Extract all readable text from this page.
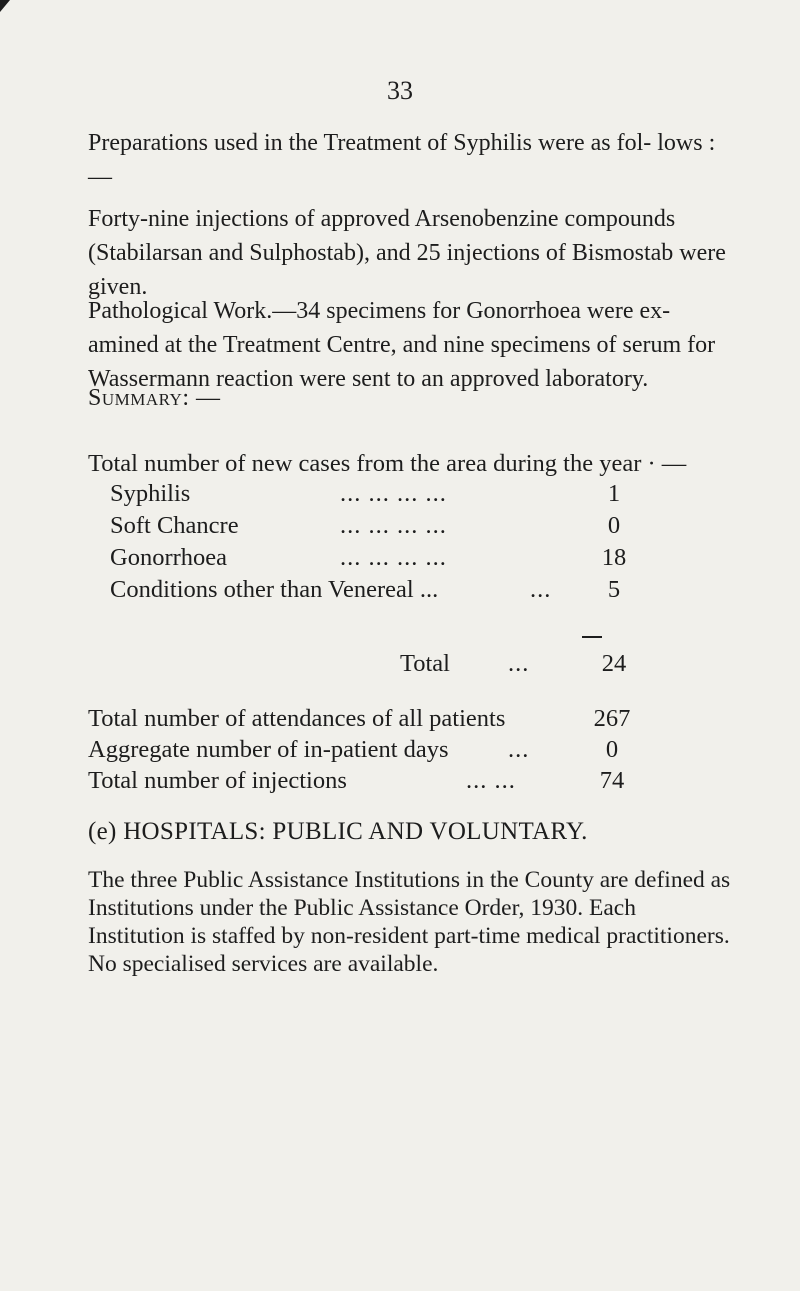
33

Preparations used in the Treatment of Syphilis were as fol- lows : —

Forty-nine injections of approved Arsenobenzine compounds (Stabilarsan and Sulphostab), and 25 injections of Bismostab were given.

Pathological Work.—34 specimens for Gonorrhoea were ex- amined at the Treatment Centre, and nine specimens of serum for Wassermann reaction were sent to an approved laboratory.

Summary: —
Total number of new cases from the area during the year · —
Syphilis	... ... ... ...	1
Soft Chancre	... ... ... ...	0
Gonorrhoea	... ... ... ...	18
Conditions other than Venereal ...	...	5
Total ...	24
Total number of attendances of all patients	267
Aggregate number of in-patient days ...	0
Total number of injections	... ...	74
(e) HOSPITALS: PUBLIC AND VOLUNTARY.

The three Public Assistance Institutions in the County are defined as Institutions under the Public Assistance Order, 1930. Each Institution is staffed by non-resident part-time medical practitioners. No specialised services are available.
